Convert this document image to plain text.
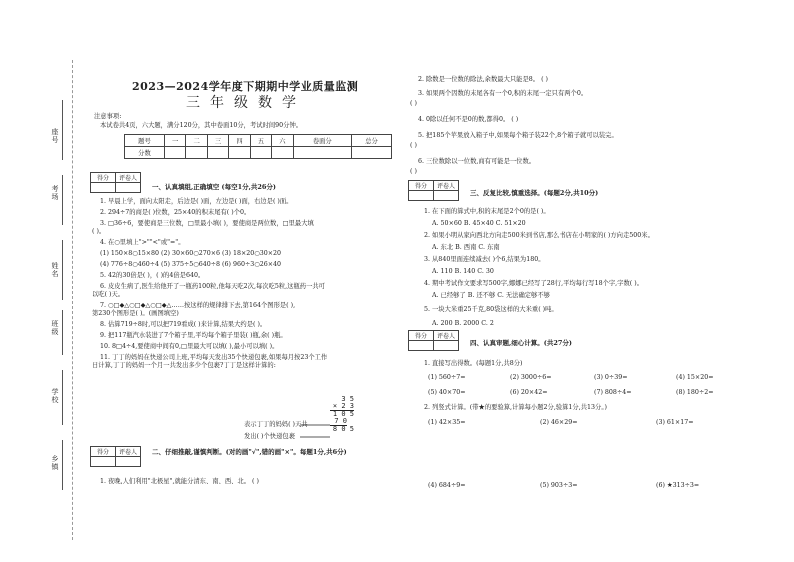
座号
考场
姓名
班级
学校
乡镇
2023—2024学年度下期期中学业质量监测
三年级数学
注意事项:
本试卷共4页，六大题，满分120分，其中卷面10分，考试时间90分钟。
题号	一	二	三	四	五	六	卷面分	总分
分数								
得分	评卷人

一、认真填组,正确填空 (每空1分,共26分)
1. 早晨上学，面向太阳走，后边是( )面，左边是( )面，右边是( )面。
2. 294÷7的商是( )位数，25×40的积末尾有( )个0。
3. □36÷6，要使商是三位数，□里最小填( )，要使商是两位数，□里最大填
( )。
4. 在○里填上">""<"或"="。
(1) 150×8○15×80 (2) 30×60○270×6 (3) 18×20○30×20
(4) 776÷8○460÷4 (5) 375÷5○640÷8 (6) 960÷3○26×40
5. 42的30倍是( )，( )的4倍是640。
6. 皮皮生病了,医生给他开了一瓶药100粒,他每天吃2次,每次吃5粒,这瓶药一共可
以吃( )天。
7. ○□◆△○□◆△○□◆△……按这样的规律排下去,第164个图形是( ),
第230个图形是( )。(画图填空)
8. 估算719÷8时,可以把719看成( )来计算,结果大约是( )。
9. 把117瓶汽水装进了7个箱子里,平均每个箱子里装( )瓶,余( )瓶。
10. 8□4÷4,要使商中间有0,□里最大可以填( ),最小可以填( )。
11. 丁丁的妈妈在快递公司上班,平均每天发出35个快递包裹,如果每月按23个工作
日计算,丁丁的妈妈一个月一共发出多少个包裹?丁丁是这样计算的:
3 5
× 2 3
1 0 5
7 0
8 0 5
表示丁丁的妈妈( )天共
发出( )个快递包裹
得分	评卷人
	二、仔细推敲,谨慎判断。(对的画"√",错的画"×"。每题1分,共6分)
1. 夜晚,人们利用"北极星",就能分清东、南、西、北。 ( )
2. 除数是一位数的除法,余数最大只能是8。 ( )
3. 如果两个因数的末尾各有一个0,积的末尾一定只有两个0。
( )
4. 0除以任何不是0的数,都得0。 ( )
5. 把185个苹果放入箱子中,如果每个箱子装22个,8个箱子就可以装完。
( )
6. 三位数除以一位数,商有可能是一位数。
( )
得分	评卷人

三、反复比较,慎重选择。(每题2分,共10分)
1. 在下面的算式中,积的末尾是2个0的是( )。
A. 50×60 B. 45×40 C. 51×20
2. 如果小明从家向西北方向走500米到书店,那么书店在小明家的( )方向走500米。
A. 东北 B. 西南 C. 东南
3. 从840里面连续减去( )个6,结果为180。
A. 110 B. 140 C. 30
4. 期中考试作文要求写500字,娜娜已经写了28行,平均每行写18个字,字数( )。
A. 已经够了 B. 还不够 C. 无法确定够不够
5. 一块大米重25千克,80袋这样的大米重( )吨。
A. 200 B. 2000 C. 2
得分	评卷人

四、认真审题,细心计算。(共27分)
1. 直接写出得数。(每题1分,共8分)
(1) 560÷7=	(2) 3000÷6=	(3) 0÷39=	(4) 15×20=
(5) 40×70=	(6) 20×42=	(7) 808÷4=	(8) 180÷2=
2. 列竖式计算。(带★的要验算,计算每小题2分,验算1分,共13分。)
(1) 42×35=	(2) 46×29=	(3) 61×17=
(4) 684÷9=	(5) 903÷3=	(6) ★313÷3=
